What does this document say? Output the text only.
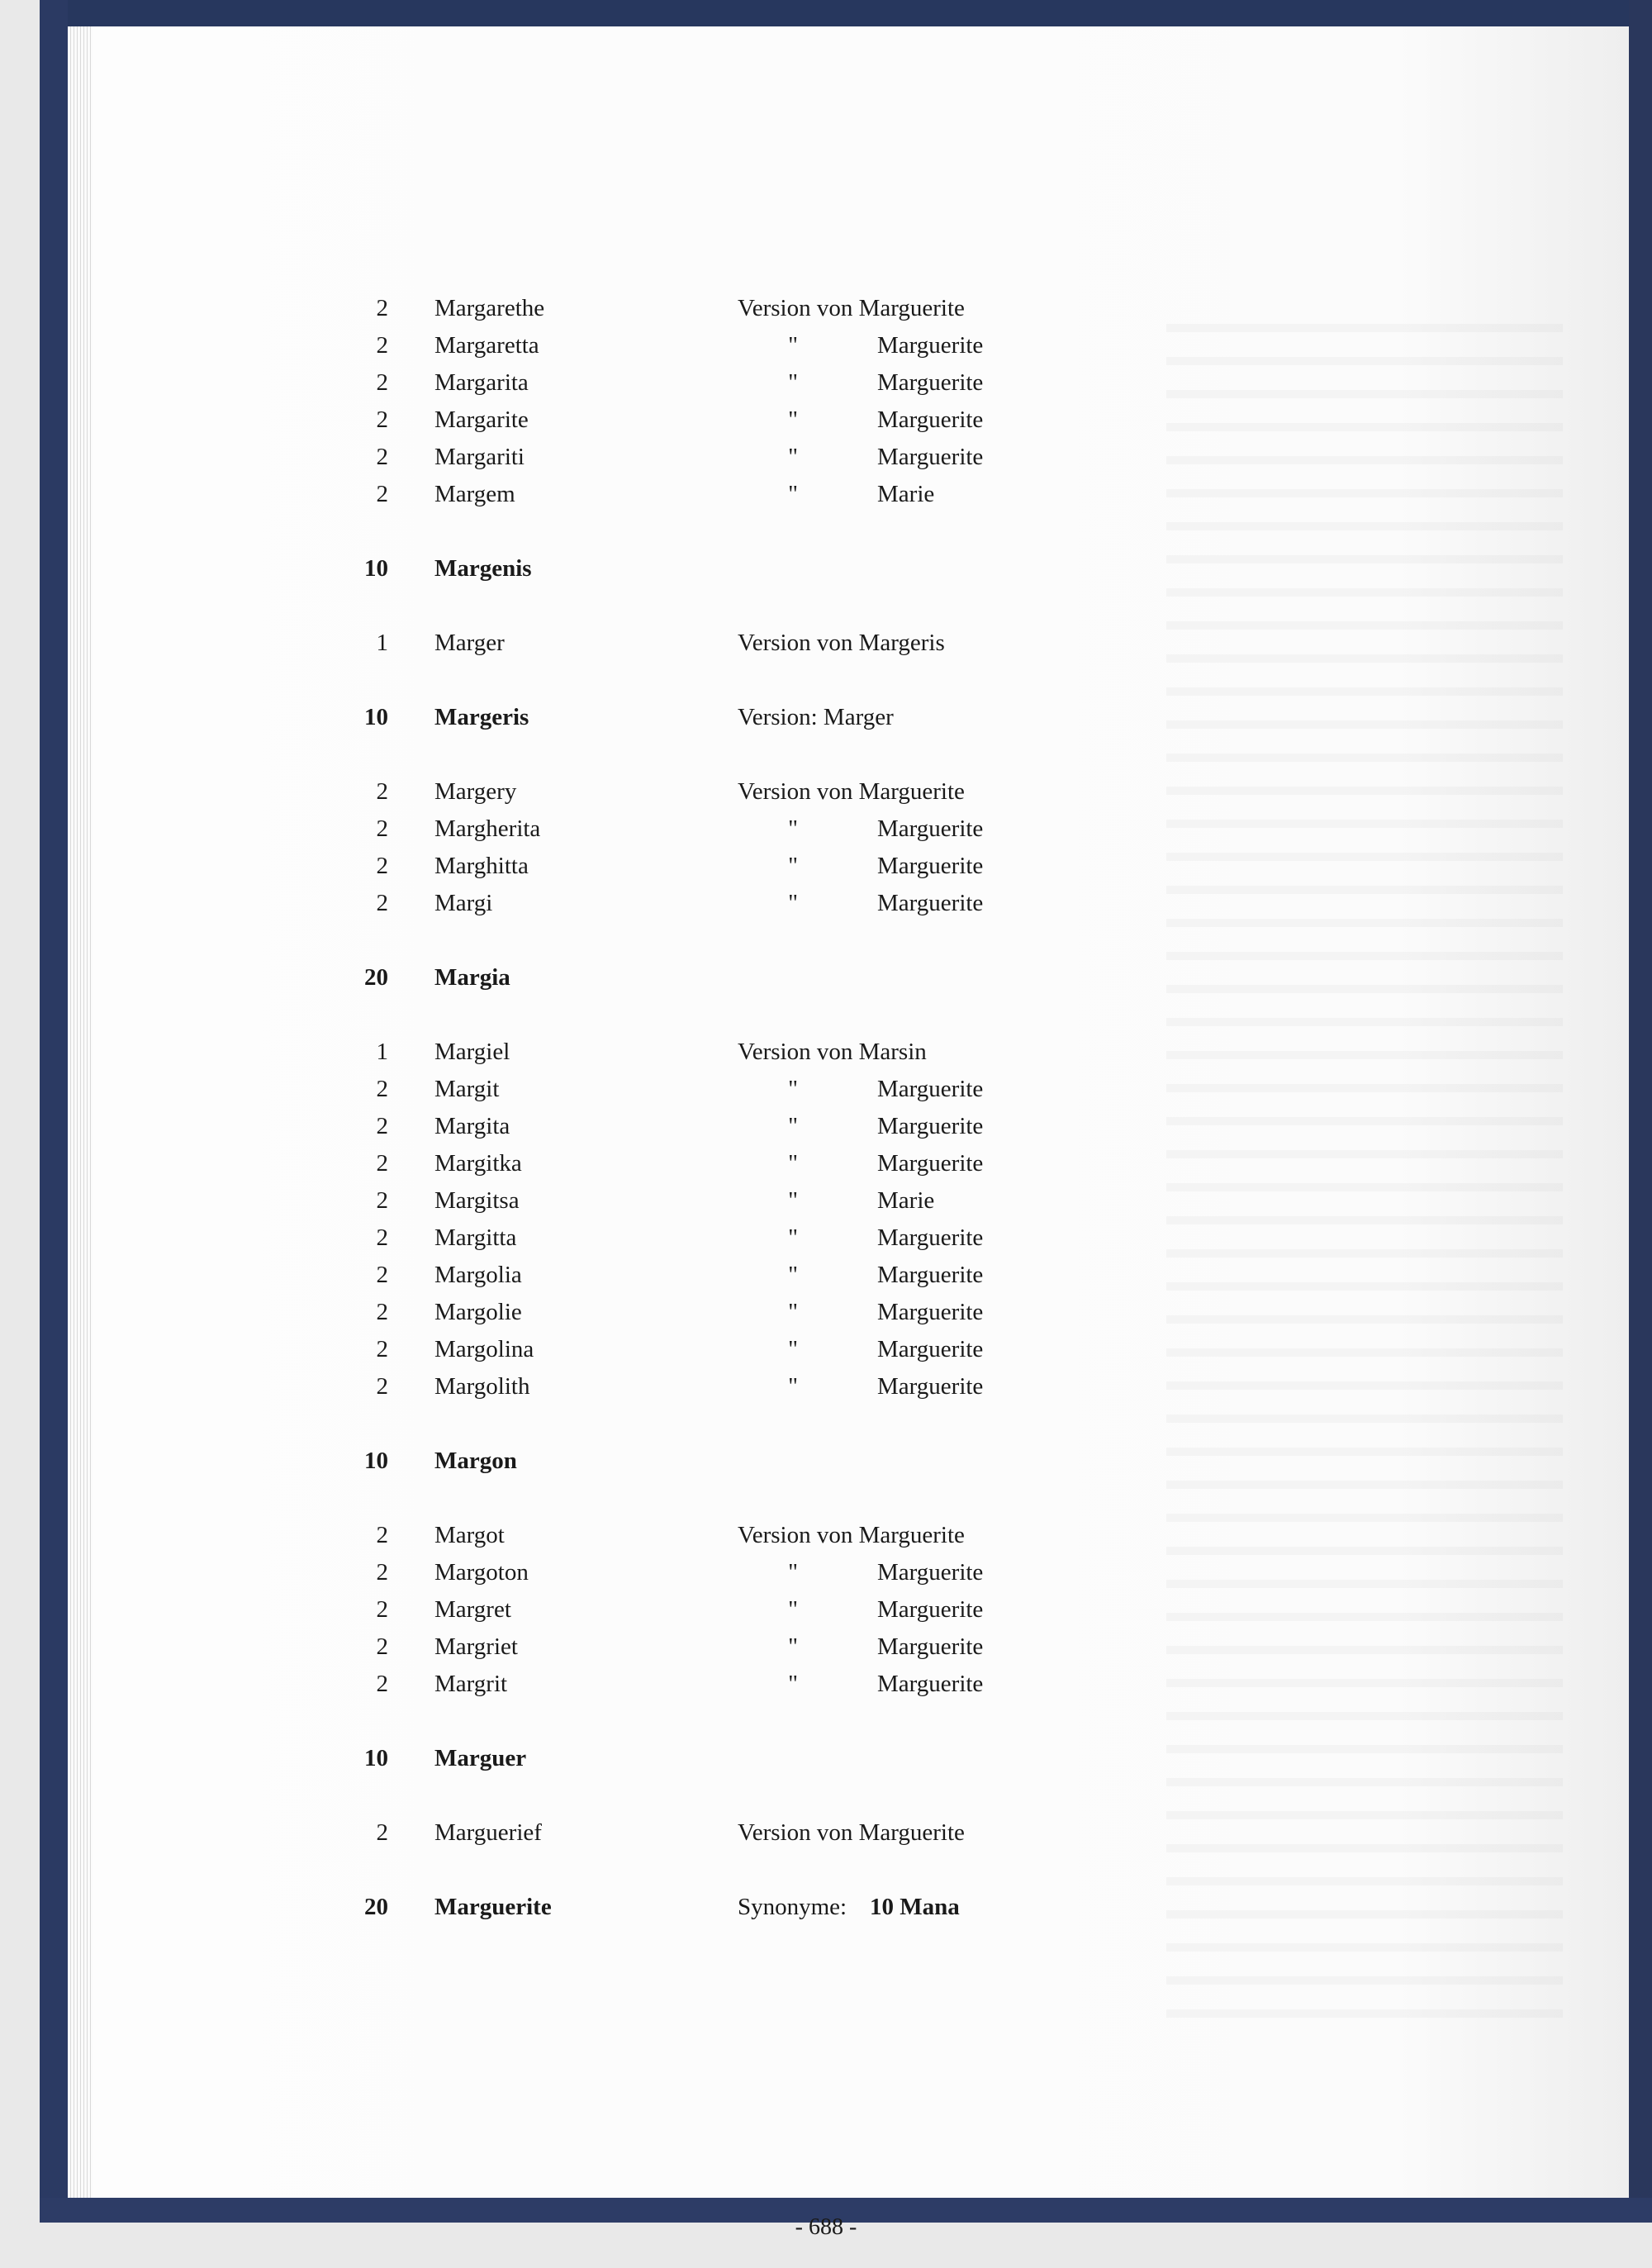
2 Margarethe	Version von Marguerite
2 Margaretta	"	Marguerite
2 Margarita	"	Marguerite
2 Margarite	"	Marguerite
2 Margariti	"	Marguerite
2 Margem	"	Marie
10 Margenis
1 Marger	Version von Margeris
10 Margeris	Version: Marger
2 Margery	Version von Marguerite
2 Margherita	"	Marguerite
2 Marghitta	"	Marguerite
2 Margi	"	Marguerite
20 Margia
1 Margiel	Version von Marsin
2 Margit	"	Marguerite
2 Margita	"	Marguerite
2 Margitka	"	Marguerite
2 Margitsa	"	Marie
2 Margitta	"	Marguerite
2 Margolia	"	Marguerite
2 Margolie	"	Marguerite
2 Margolina	"	Marguerite
2 Margolith	"	Marguerite
10 Margon
2 Margot	Version von Marguerite
2 Margoton	"	Marguerite
2 Margret	"	Marguerite
2 Margriet	"	Marguerite
2 Margrit	"	Marguerite
10 Marguer
2 Marguerief	Version von Marguerite
20 Marguerite	Synonyme: 10 Mana
- 688 -
